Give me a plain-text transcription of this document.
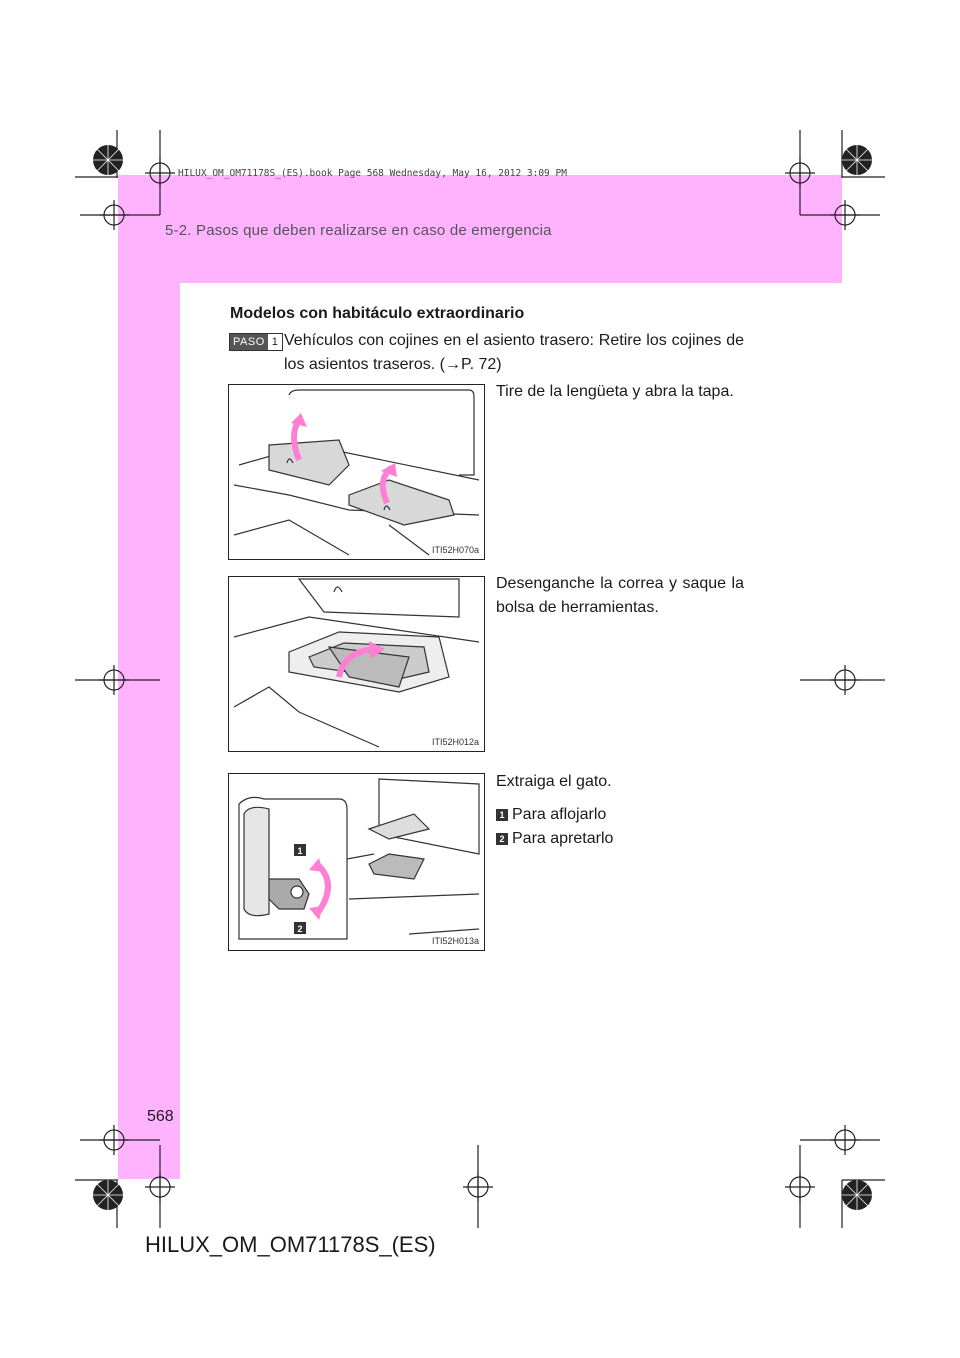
HILUX_OM_OM71178S_(ES).book Page 568 Wednesday, May 16, 2012 3:09 PM
5-2. Pasos que deben realizarse en caso de emergencia
Modelos con habitáculo extraordinario
PASO 1 Vehículos con cojines en el asiento trasero: Retire los cojines de los asientos traseros. (→P. 72)
ITI52H070a
Tire de la lengüeta y abra la tapa.
ITI52H012a
Desenganche la correa y saque la bolsa de herramientas.
1
2
ITI52H013a
Extraiga el gato.
1 Para aflojarlo
2 Para apretarlo
568
HILUX_OM_OM71178S_(ES)
